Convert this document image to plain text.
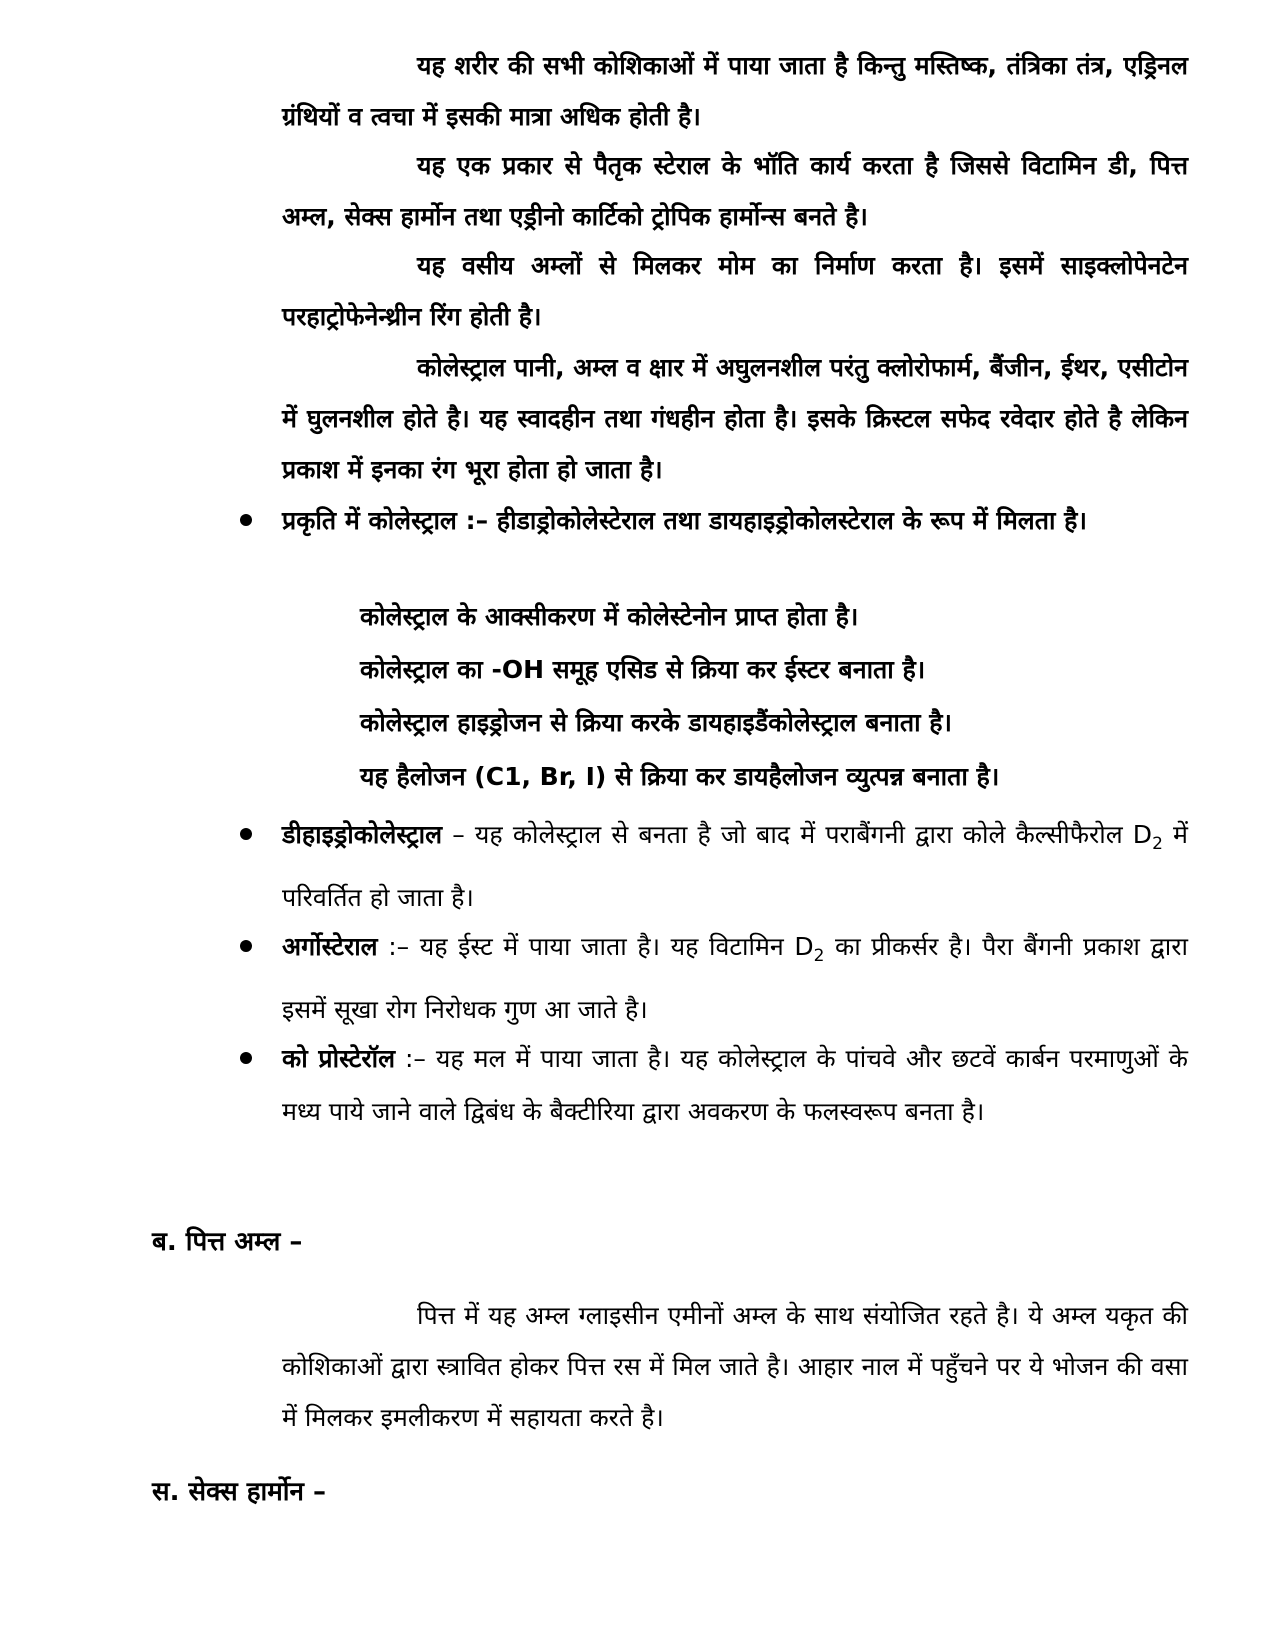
यह शरीर की सभी कोशिकाओं में पाया जाता है किन्तु मस्तिष्क, तंत्रिका तंत्र, एड्रिनल ग्रंथियों व त्वचा में इसकी मात्रा अधिक होती है।

यह एक प्रकार से पैतृक स्टेराल के भॉति कार्य करता है जिससे विटामिन डी, पित्त अम्ल, सेक्स हार्मोन तथा एड्रीनो कार्टिको ट्रोपिक हार्मोन्स बनते है।

यह वसीय अम्लों से मिलकर मोम का निर्माण करता है। इसमें साइक्लोपेनटेन परहाट्रोफेनेन्थ्रीन रिंग होती है।

कोलेस्ट्राल पानी, अम्ल व क्षार में अघुलनशील परंतु क्लोरोफार्म, बैंजीन, ईथर, एसीटोन में घुलनशील होते है। यह स्वादहीन तथा गंधहीन होता है। इसके क्रिस्टल सफेद रवेदार होते है लेकिन प्रकाश में इनका रंग भूरा होता हो जाता है।

प्रकृति में कोलेस्ट्राल :– हीडाड्रोकोलेस्टेराल तथा डायहाइड्रोकोलस्टेराल के रूप में मिलता है।

कोलेस्ट्राल के आक्सीकरण में कोलेस्टेनोन प्राप्त होता है।

कोलेस्ट्राल का -OH समूह एसिड से क्रिया कर ईस्टर बनाता है।

कोलेस्ट्राल हाइड्रोजन से क्रिया करके डायहाइडैंकोलेस्ट्राल बनाता है।

यह हैलोजन (C1, Br, I) से क्रिया कर डायहैलोजन व्युत्पन्न बनाता है।

डीहाइड्रोकोलेस्ट्राल – यह कोलेस्ट्राल से बनता है जो बाद में पराबैंगनी द्वारा कोले कैल्सीफैरोल $D_2$ में परिवर्तित हो जाता है।
अर्गोस्टेराल :– यह ईस्ट में पाया जाता है। यह विटामिन $D_2$ का प्रीकर्सर है। पैरा बैंगनी प्रकाश द्वारा इसमें सूखा रोग निरोधक गुण आ जाते है।
को प्रोस्टेरॉल :– यह मल में पाया जाता है। यह कोलेस्ट्राल के पांचवे और छटवें कार्बन परमाणुओं के मध्य पाये जाने वाले द्विबंध के बैक्टीरिया द्वारा अवकरण के फलस्वरूप बनता है।
ब. पित्त अम्ल –

पित्त में यह अम्ल ग्लाइसीन एमीनों अम्ल के साथ संयोजित रहते है। ये अम्ल यकृत की कोशिकाओं द्वारा स्त्रावित होकर पित्त रस में मिल जाते है। आहार नाल में पहुँचने पर ये भोजन की वसा में मिलकर इमलीकरण में सहायता करते है।

स. सेक्स हार्मोन –
